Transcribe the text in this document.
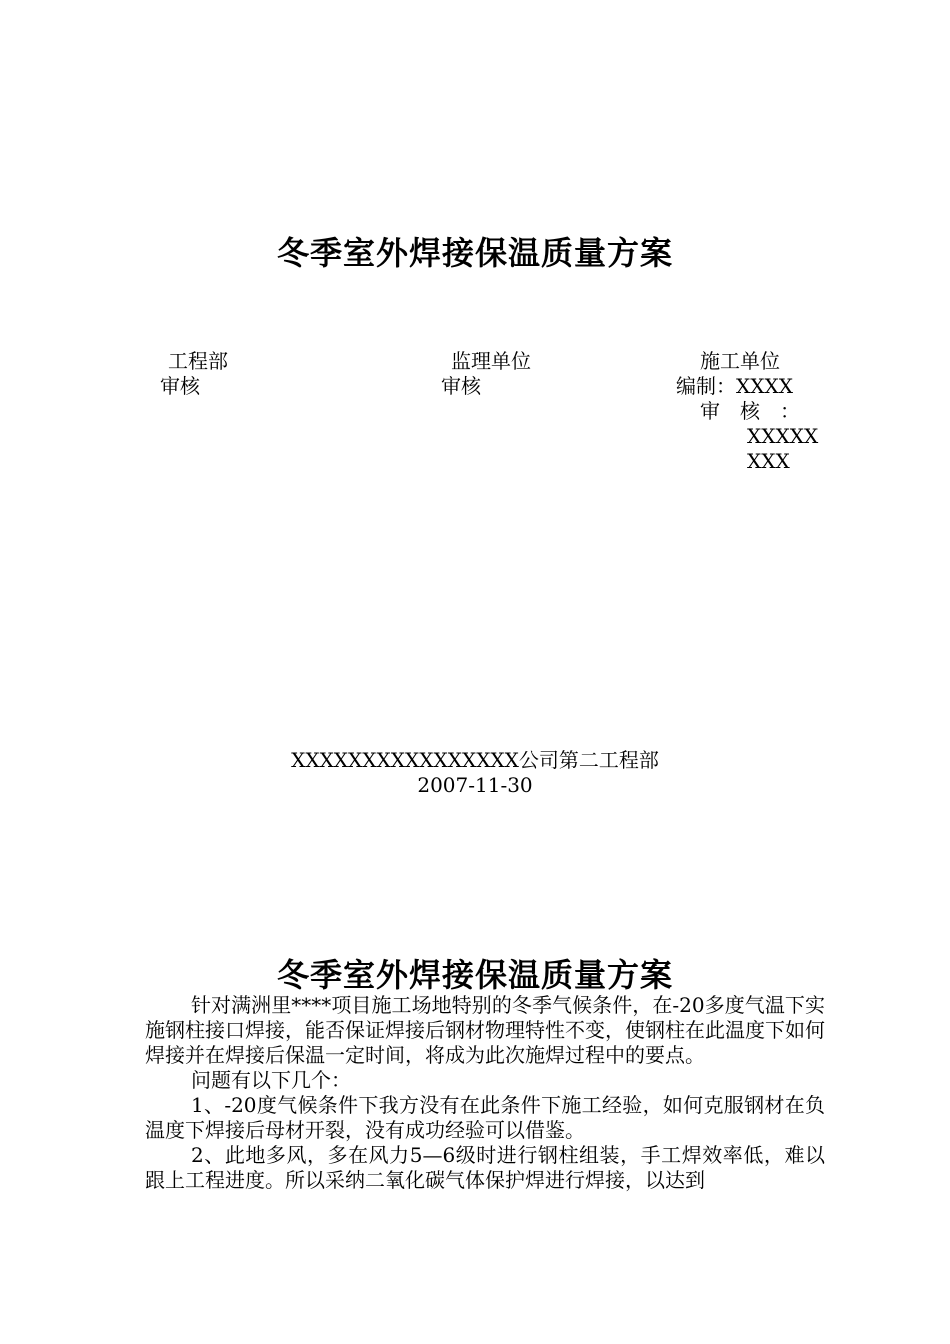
冬季室外焊接保温质量方案
工程部
审核
监理单位
审核
施工单位
编制：XXXX
审　核　：
XXXXX
XXX
XXXXXXXXXXXXXXXX公司第二工程部
2007-11-30
冬季室外焊接保温质量方案

针对满洲里****项目施工场地特别的冬季气候条件，在-20多度气温下实施钢柱接口焊接，能否保证焊接后钢材物理特性不变，使钢柱在此温度下如何焊接并在焊接后保温一定时间，将成为此次施焊过程中的要点。

问题有以下几个：

1、-20度气候条件下我方没有在此条件下施工经验，如何克服钢材在负温度下焊接后母材开裂，没有成功经验可以借鉴。

2、此地多风，多在风力5—6级时进行钢柱组装，手工焊效率低，难以跟上工程进度。所以采纳二氧化碳气体保护焊进行焊接，以达到
